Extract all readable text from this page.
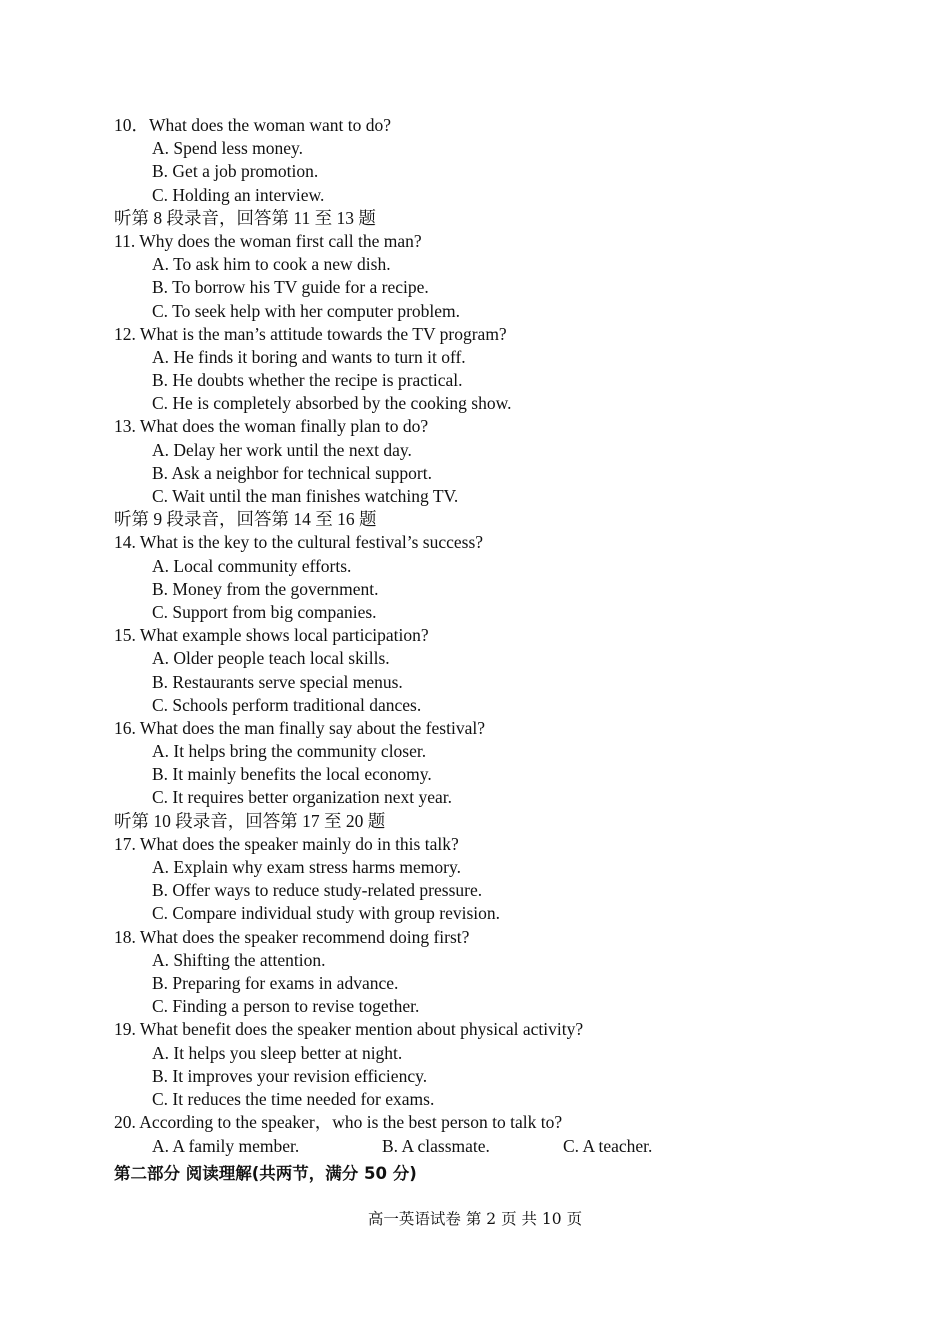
10．What does the woman want to do?
A. Spend less money.
B. Get a job promotion.
C. Holding an interview.
听第 8 段录音，回答第 11 至 13 题
11. Why does the woman first call the man?
A. To ask him to cook a new dish.
B. To borrow his TV guide for a recipe.
C. To seek help with her computer problem.
12. What is the man’s attitude towards the TV program?
A. He finds it boring and wants to turn it off.
B. He doubts whether the recipe is practical.
C. He is completely absorbed by the cooking show.
13. What does the woman finally plan to do?
A. Delay her work until the next day.
B. Ask a neighbor for technical support.
C. Wait until the man finishes watching TV.
听第 9 段录音，回答第 14 至 16 题
14. What is the key to the cultural festival’s success?
A. Local community efforts.
B. Money from the government.
C. Support from big companies.
15. What example shows local participation?
A. Older people teach local skills.
B. Restaurants serve special menus.
C. Schools perform traditional dances.
16. What does the man finally say about the festival?
A. It helps bring the community closer.
B. It mainly benefits the local economy.
C. It requires better organization next year.
听第 10 段录音，回答第 17 至 20 题
17. What does the speaker mainly do in this talk?
A. Explain why exam stress harms memory.
B. Offer ways to reduce study-related pressure.
C. Compare individual study with group revision.
18. What does the speaker recommend doing first?
A. Shifting the attention.
B. Preparing for exams in advance.
C. Finding a person to revise together.
19. What benefit does the speaker mention about physical activity?
A. It helps you sleep better at night.
B. It improves your revision efficiency.
C. It reduces the time needed for exams.
20. According to the speaker，who is the best person to talk to?
A. A family member.	B. A classmate.	C. A teacher.
第二部分 阅读理解(共两节，满分 50 分)
高一英语试卷 第 2 页 共 10 页
